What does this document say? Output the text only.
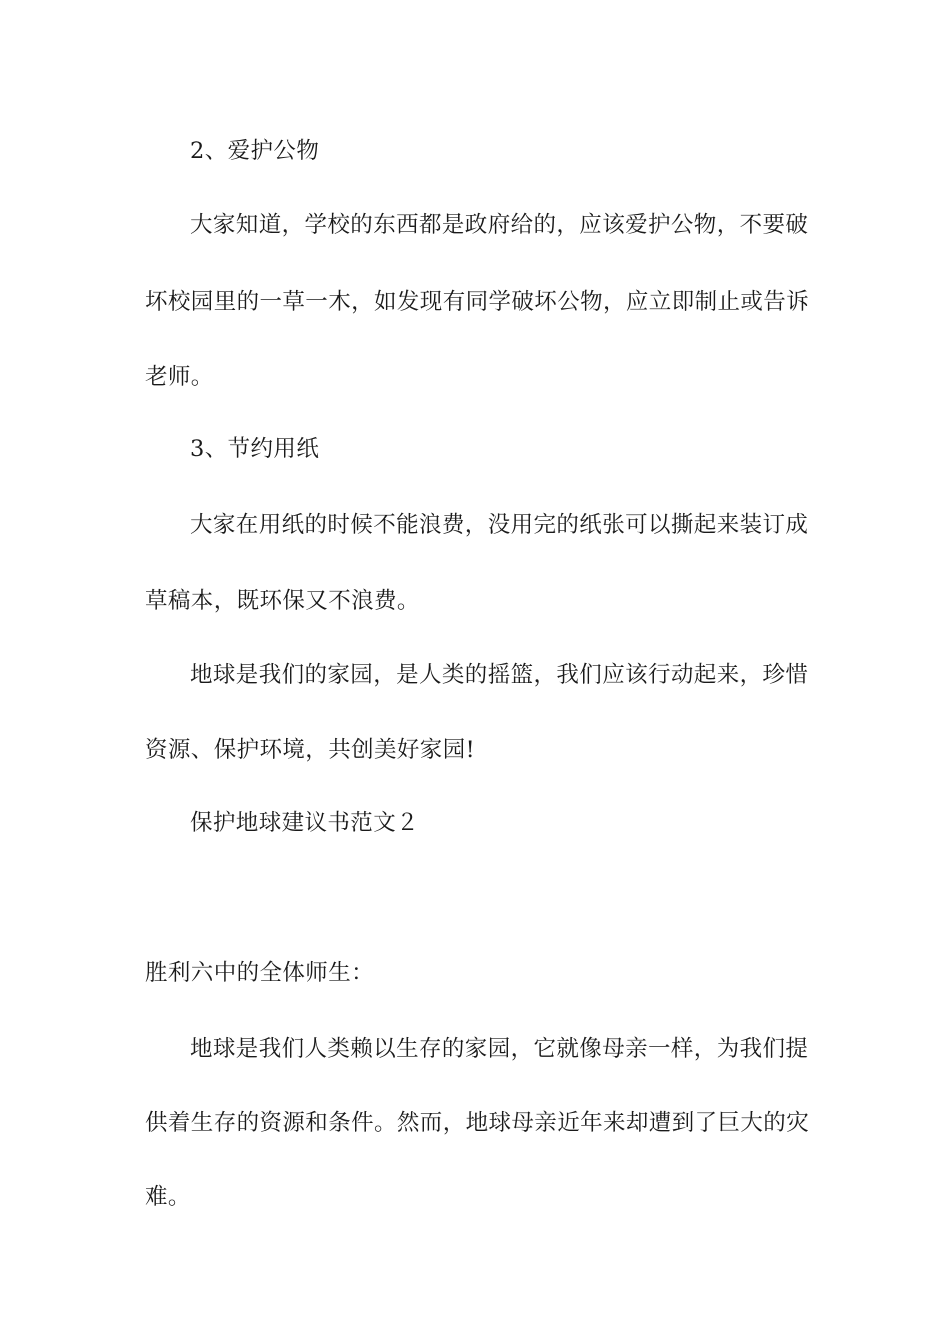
2、爱护公物
大家知道，学校的东西都是政府给的，应该爱护公物，不要破
坏校园里的一草一木，如发现有同学破坏公物，应立即制止或告诉
老师。
3、节约用纸
大家在用纸的时候不能浪费，没用完的纸张可以撕起来装订成
草稿本，既环保又不浪费。
地球是我们的家园，是人类的摇篮，我们应该行动起来，珍惜
资源、保护环境，共创美好家园!
保护地球建议书范文２
胜利六中的全体师生：
地球是我们人类赖以生存的家园，它就像母亲一样，为我们提
供着生存的资源和条件。然而，地球母亲近年来却遭到了巨大的灾
难。
